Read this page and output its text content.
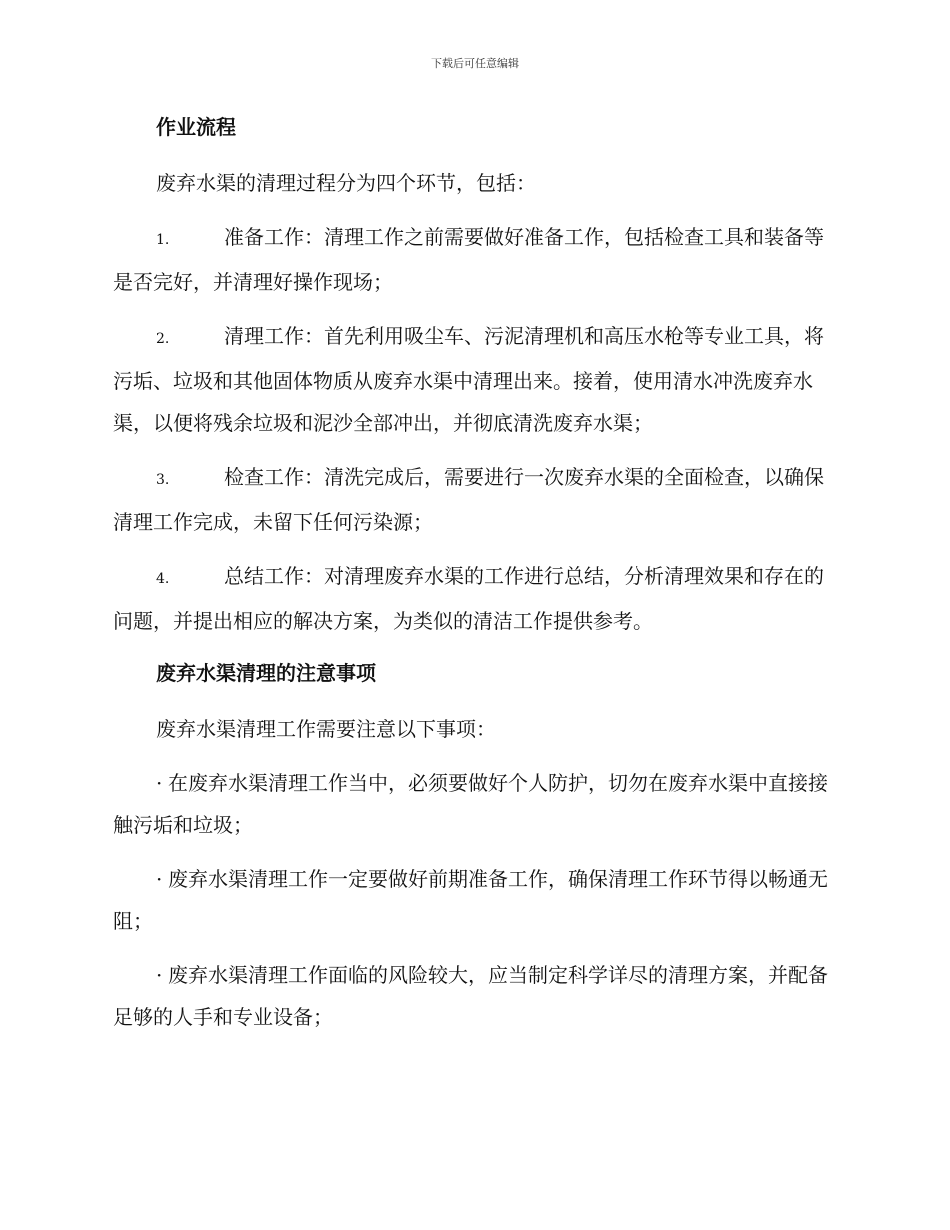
下载后可任意编辑
作业流程

废弃水渠的清理过程分为四个环节，包括：

1.	准备工作：清理工作之前需要做好准备工作，包括检查工具和装备等是否完好，并清理好操作现场；

2.	清理工作：首先利用吸尘车、污泥清理机和高压水枪等专业工具，将污垢、垃圾和其他固体物质从废弃水渠中清理出来。接着，使用清水冲洗废弃水渠，以便将残余垃圾和泥沙全部冲出，并彻底清洗废弃水渠；

3.	检查工作：清洗完成后，需要进行一次废弃水渠的全面检查，以确保清理工作完成，未留下任何污染源；

4.	总结工作：对清理废弃水渠的工作进行总结，分析清理效果和存在的问题，并提出相应的解决方案，为类似的清洁工作提供参考。

废弃水渠清理的注意事项

废弃水渠清理工作需要注意以下事项：

· 在废弃水渠清理工作当中，必须要做好个人防护，切勿在废弃水渠中直接接触污垢和垃圾；

· 废弃水渠清理工作一定要做好前期准备工作，确保清理工作环节得以畅通无阻；

· 废弃水渠清理工作面临的风险较大，应当制定科学详尽的清理方案，并配备足够的人手和专业设备；
